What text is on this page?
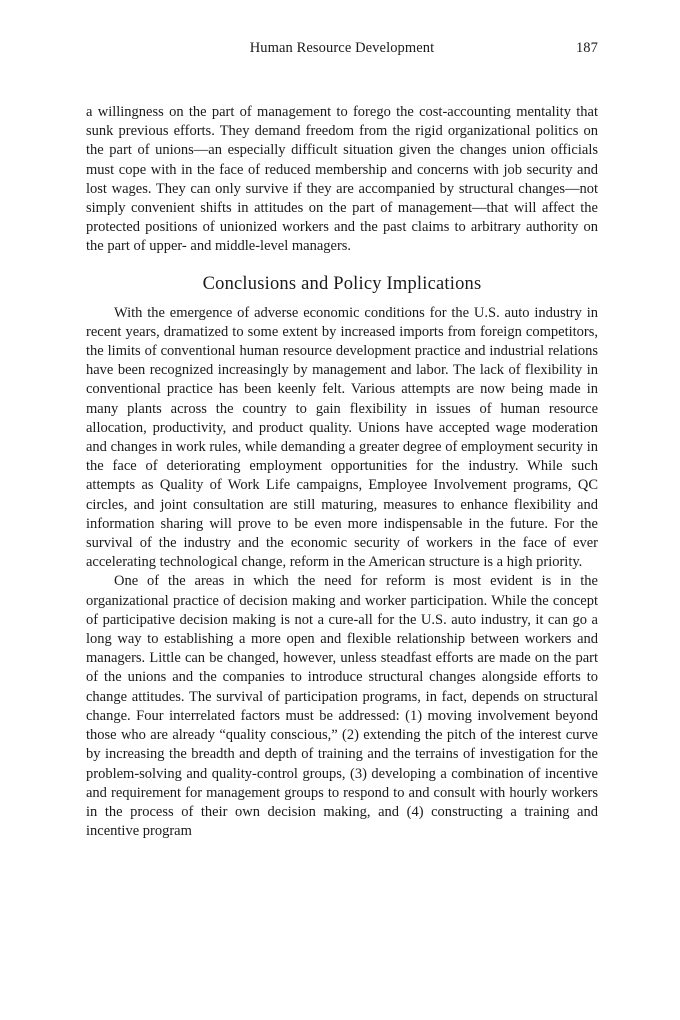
Human Resource Development	187

a willingness on the part of management to forego the cost-accounting mentality that sunk previous efforts. They demand freedom from the rigid organizational politics on the part of unions—an especially difficult situation given the changes union officials must cope with in the face of reduced membership and concerns with job security and lost wages. They can only survive if they are accompanied by structural changes—not simply convenient shifts in attitudes on the part of management—that will affect the protected positions of unionized workers and the past claims to arbitrary authority on the part of upper- and middle-level managers.

Conclusions and Policy Implications

With the emergence of adverse economic conditions for the U.S. auto industry in recent years, dramatized to some extent by increased imports from foreign competitors, the limits of conventional human resource development practice and industrial relations have been recognized increasingly by management and labor. The lack of flexibility in conventional practice has been keenly felt. Various attempts are now being made in many plants across the country to gain flexibility in issues of human resource allocation, productivity, and product quality. Unions have accepted wage moderation and changes in work rules, while demanding a greater degree of employment security in the face of deteriorating employment opportunities for the industry. While such attempts as Quality of Work Life campaigns, Employee Involvement programs, QC circles, and joint consultation are still maturing, measures to enhance flexibility and information sharing will prove to be even more indispensable in the future. For the survival of the industry and the economic security of workers in the face of ever accelerating technological change, reform in the American structure is a high priority.

One of the areas in which the need for reform is most evident is in the organizational practice of decision making and worker participation. While the concept of participative decision making is not a cure-all for the U.S. auto industry, it can go a long way to establishing a more open and flexible relationship between workers and managers. Little can be changed, however, unless steadfast efforts are made on the part of the unions and the companies to introduce structural changes alongside efforts to change attitudes. The survival of participation programs, in fact, depends on structural change. Four interrelated factors must be addressed: (1) moving involvement beyond those who are already “quality conscious,” (2) extending the pitch of the interest curve by increasing the breadth and depth of training and the terrains of investigation for the problem-solving and quality-control groups, (3) developing a combination of incentive and requirement for management groups to respond to and consult with hourly workers in the process of their own decision making, and (4) constructing a training and incentive program
